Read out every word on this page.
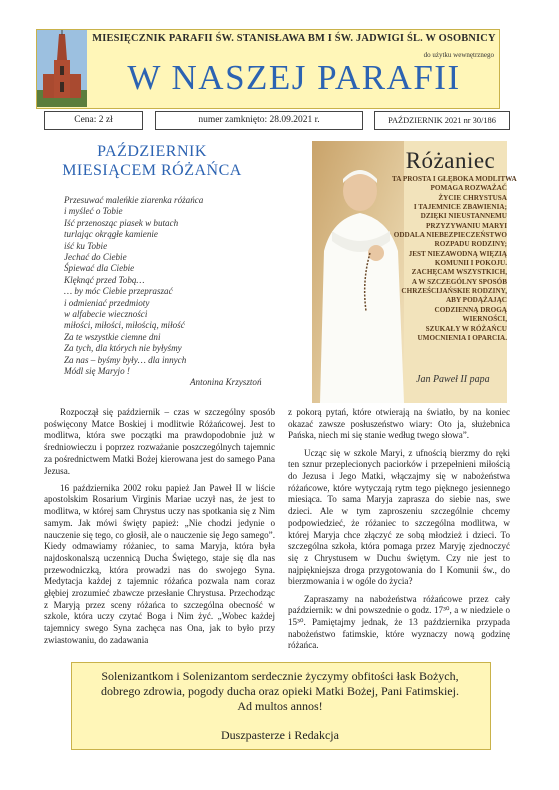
MIESIĘCZNIK PARAFII ŚW. STANISŁAWA BM I ŚW. JADWIGI ŚL. W OSOBNICY
do użytku wewnętrznego
W NASZEJ PARAFII
Cena: 2 zł	numer zamknięto: 28.09.2021 r.	PAŹDZIERNIK 2021 nr 30/186
PAŹDZIERNIK
MIESIĄCEM RÓŻAŃCA
Przesuwać maleńkie ziarenka różańca
i myśleć o Tobie
Iść przenosząc piasek w butach
turlając okrągłe kamienie
iść ku Tobie
Jechać do Ciebie
Śpiewać dla Ciebie
Klęknąć przed Tobą…
… by móc Ciebie przepraszać
i odmieniać przedmioty
w alfabecie wieczności
miłości, miłości, miłością, miłość
Za te wszystkie ciemne dni
Za tych, dla których nie byłyśmy
Za nas – byśmy były… dla innych
Módl się Maryjo !
Antonina Krzysztoń
Różaniec
TA PROSTA I GŁĘBOKA MODLITWA
POMAGA ROZWAŻAĆ
ŻYCIE CHRYSTUSA
I TAJEMNICE ZBAWIENIA;
DZIĘKI NIEUSTANNEMU
PRZYZYWANIU MARYI
ODDALA NIEBEZPIECZEŃSTWO
ROZPADU RODZINY;
JEST NIEZAWODNĄ WIĘZIĄ
KOMUNII I POKOJU.
ZACHĘCAM WSZYSTKICH,
A W SZCZEGÓLNY SPOSÓB
CHRZEŚCIJAŃSKIE RODZINY,
ABY PODĄŻAJĄC
CODZIENNĄ DROGĄ
WIERNOŚCI,
SZUKAŁY W RÓŻAŃCU
UMOCNIENIA I OPARCIA.
Jan Paweł II papa

Rozpoczął się październik – czas w szczególny sposób poświęcony Matce Boskiej i modlitwie Różańcowej. Jest to modlitwa, która swe początki ma prawdopodobnie już w średniowieczu i poprzez rozważanie poszczególnych tajemnic za pośrednictwem Matki Bożej kierowana jest do samego Pana Jezusa.

16 października 2002 roku papież Jan Paweł II w liście apostolskim Rosarium Virginis Mariae uczył nas, że jest to modlitwa, w której sam Chrystus uczy nas spotkania się z Nim samym. Jak mówi święty papież: „Nie chodzi jedynie o nauczenie się tego, co głosił, ale o nauczenie się Jego samego”. Kiedy odmawiamy różaniec, to sama Maryja, która była najdoskonalszą uczennicą Ducha Świętego, staje się dla nas przewodniczką, która prowadzi nas do swojego Syna. Medytacja każdej z tajemnic różańca pozwala nam coraz głębiej zrozumieć zbawcze przesłanie Chrystusa. Przechodząc z Maryją przez sceny różańca to szczególna obecność w szkole, która uczy czytać Boga i Nim żyć. „Wobec każdej tajemnicy swego Syna zachęca nas Ona, jak to było przy zwiastowaniu, do zadawania

z pokorą pytań, które otwierają na światło, by na koniec okazać zawsze posłuszeństwo wiary: Oto ja, służebnica Pańska, niech mi się stanie według twego słowa”.

Ucząc się w szkole Maryi, z ufnością bierzmy do ręki ten sznur przeplecionych paciorków i przepełnieni miłością do Jezusa i Jego Matki, włączajmy się w nabożeństwa różańcowe, które wytyczają rytm tego pięknego jesiennego miesiąca. To sama Maryja zaprasza do siebie nas, swe dzieci. Ale w tym zaproszeniu szczególnie chcemy podpowiedzieć, że różaniec to szczególna modlitwa, w której Maryja chce złączyć ze sobą młodzież i dzieci. To szczególna szkoła, która pomaga przez Maryję zjednoczyć się z Chrystusem w Duchu świętym. Czy nie jest to najpiękniejsza droga przygotowania do I Komunii św., do bierzmowania i w ogóle do życia?

Zapraszamy na nabożeństwa różańcowe przez cały październik: w dni powszednie o godz. 17³⁰, a w niedziele o 15³⁰. Pamiętajmy jednak, że 13 października przypada nabożeństwo fatimskie, które wyznaczy nową godzinę różańca.

Solenizantkom i Solenizantom serdecznie życzymy obfitości łask Bożych,
dobrego zdrowia, pogody ducha oraz opieki Matki Bożej, Pani Fatimskiej.
Ad multos annos!
Duszpasterze i Redakcja
